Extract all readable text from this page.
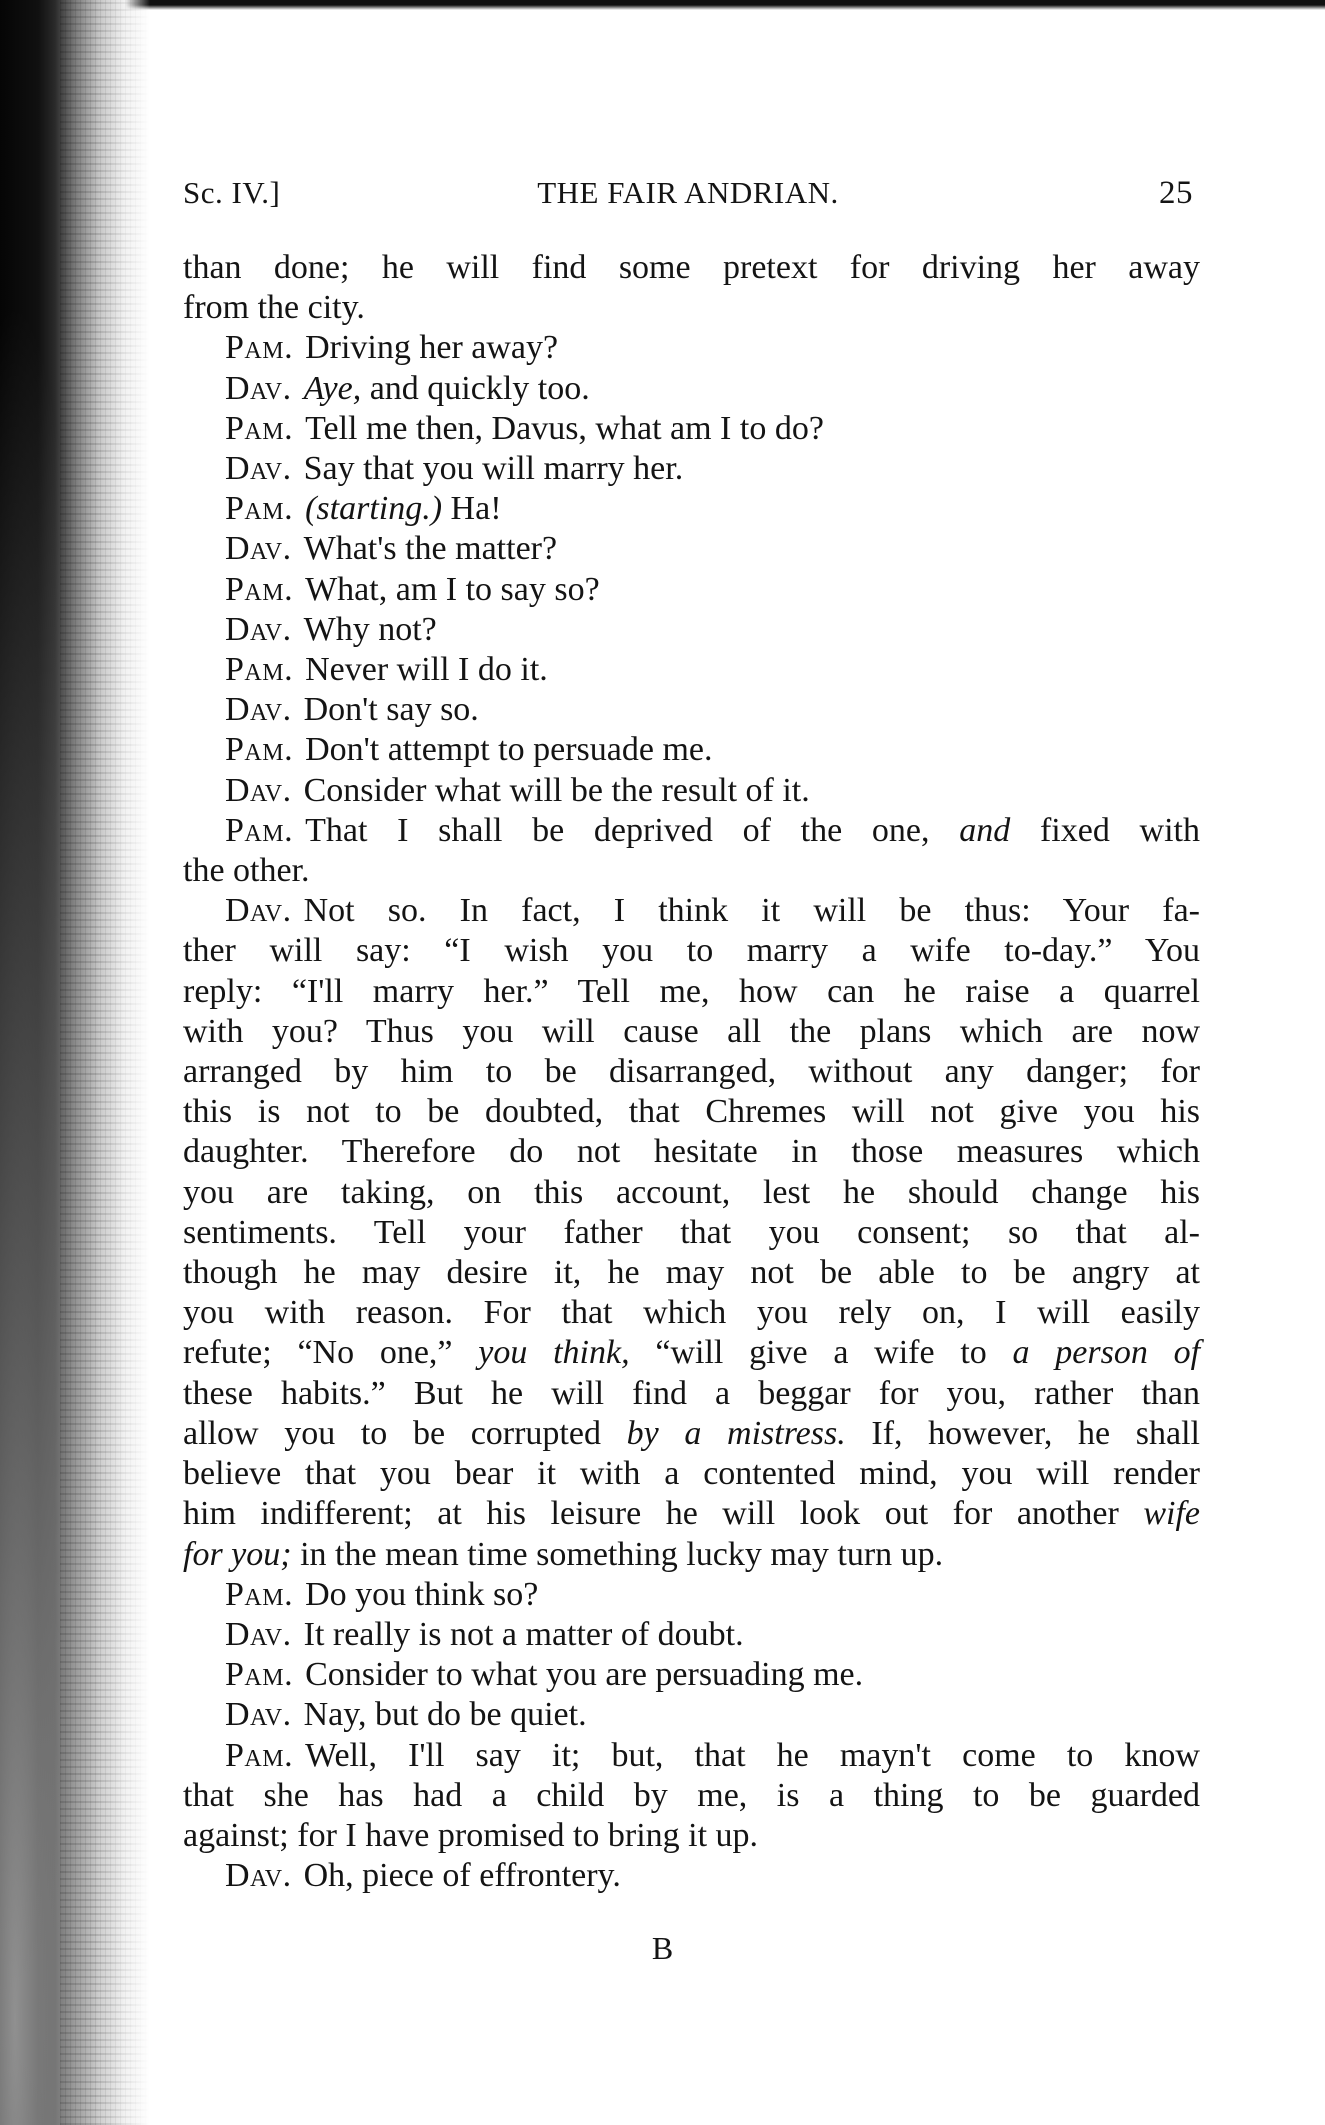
Sc. IV.]	THE FAIR ANDRIAN.	25
than done; he will find some pretext for driving her away
from the city.
Pam. Driving her away?
Dav. Aye, and quickly too.
Pam. Tell me then, Davus, what am I to do?
Dav. Say that you will marry her.
Pam. (starting.) Ha!
Dav. What's the matter?
Pam. What, am I to say so?
Dav. Why not?
Pam. Never will I do it.
Dav. Don't say so.
Pam. Don't attempt to persuade me.
Dav. Consider what will be the result of it.
Pam. That I shall be deprived of the one, and fixed with
the other.
Dav. Not so. In fact, I think it will be thus: Your fa-
ther will say: “I wish you to marry a wife to-day.” You
reply: “I'll marry her.” Tell me, how can he raise a quarrel
with you? Thus you will cause all the plans which are now
arranged by him to be disarranged, without any danger; for
this is not to be doubted, that Chremes will not give you his
daughter. Therefore do not hesitate in those measures which
you are taking, on this account, lest he should change his
sentiments. Tell your father that you consent; so that al-
though he may desire it, he may not be able to be angry at
you with reason. For that which you rely on, I will easily
refute; “No one,” you think, “will give a wife to a person of
these habits.” But he will find a beggar for you, rather than
allow you to be corrupted by a mistress. If, however, he shall
believe that you bear it with a contented mind, you will render
him indifferent; at his leisure he will look out for another wife
for you; in the mean time something lucky may turn up.
Pam. Do you think so?
Dav. It really is not a matter of doubt.
Pam. Consider to what you are persuading me.
Dav. Nay, but do be quiet.
Pam. Well, I'll say it; but, that he mayn't come to know
that she has had a child by me, is a thing to be guarded
against; for I have promised to bring it up.
Dav. Oh, piece of effrontery.
B
